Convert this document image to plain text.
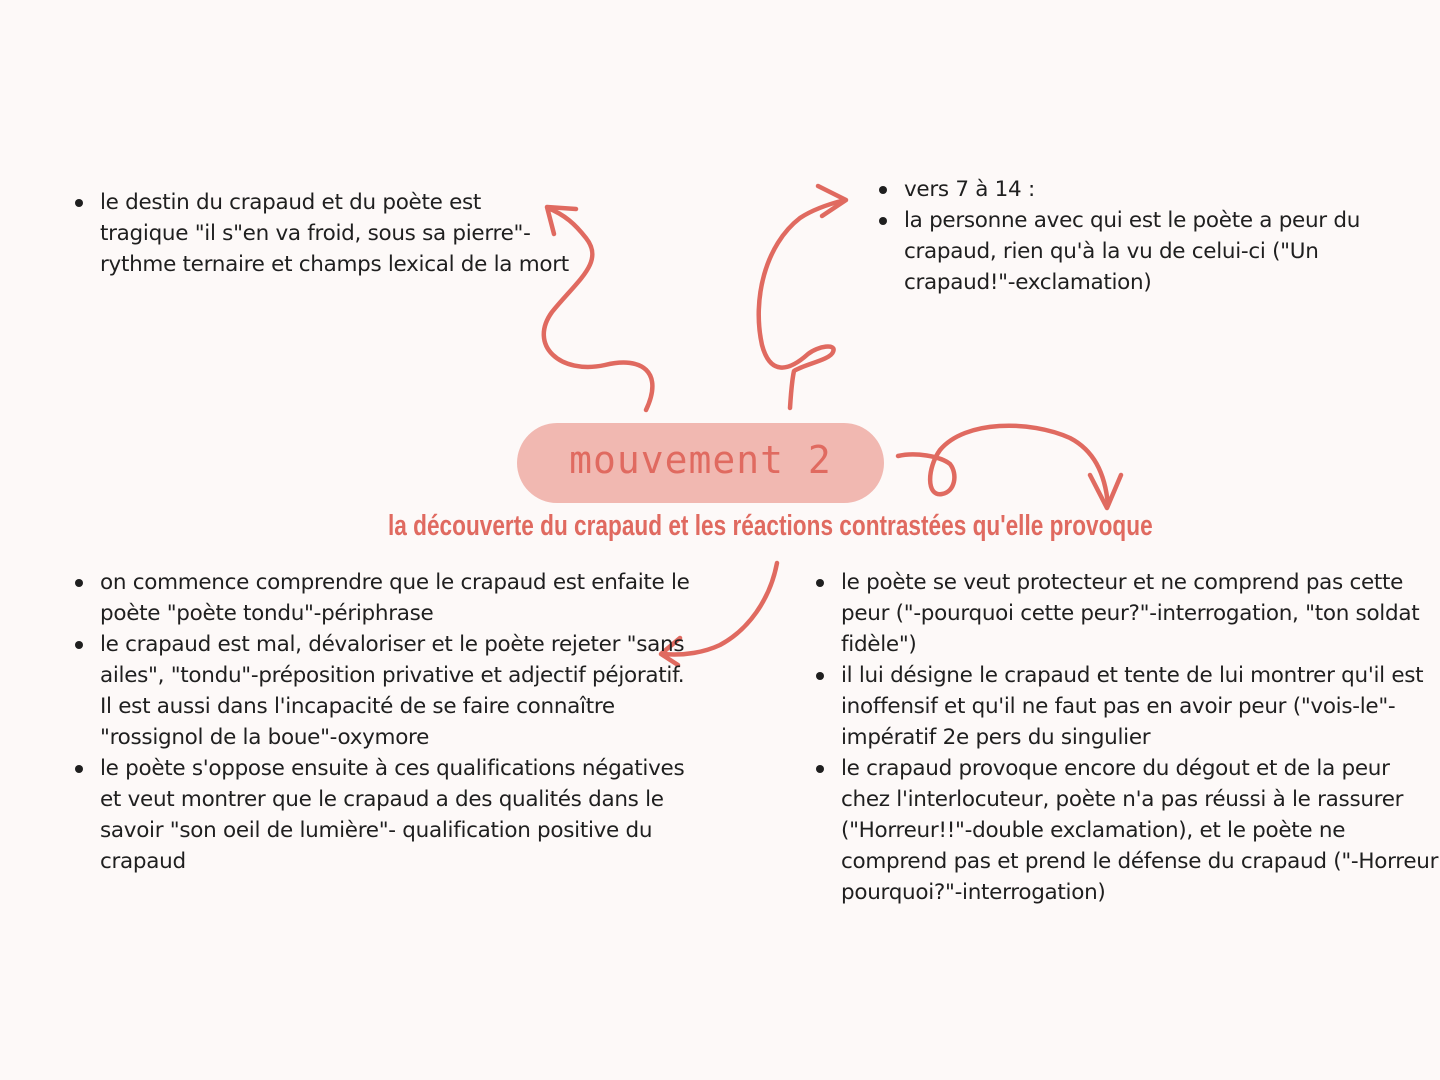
mouvement 2
la découverte du crapaud et les réactions contrastées qu'elle provoque
le destin du crapaud et du poète est tragique "il s"en va froid, sous sa pierre"- rythme ternaire et champs lexical de la mort
vers 7 à 14 :
la personne avec qui est le poète a peur du crapaud, rien qu'à la vu de celui-ci ("Un crapaud!"-exclamation)
on commence comprendre que le crapaud est enfaite le poète "poète tondu"-périphrase
le crapaud est mal, dévaloriser et le poète rejeter "sans ailes", "tondu"-préposition privative et adjectif péjoratif. Il est aussi dans l'incapacité de se faire connaître "rossignol de la boue"-oxymore
le poète s'oppose ensuite à ces qualifications négatives et veut montrer que le crapaud a des qualités dans le savoir "son oeil de lumière"- qualification positive du crapaud
le poète se veut protecteur et ne comprend pas cette peur ("-pourquoi cette peur?"-interrogation, "ton soldat fidèle")
il lui désigne le crapaud et tente de lui montrer qu'il est inoffensif et qu'il ne faut pas en avoir peur ("vois-le"-impératif 2e pers du singulier
le crapaud provoque encore du dégout et de la peur chez l'interlocuteur, poète n'a pas réussi à le rassurer ("Horreur!!"-double exclamation), et le poète ne comprend pas et prend le défense du crapaud ("-Horreur pourquoi?"-interrogation)
